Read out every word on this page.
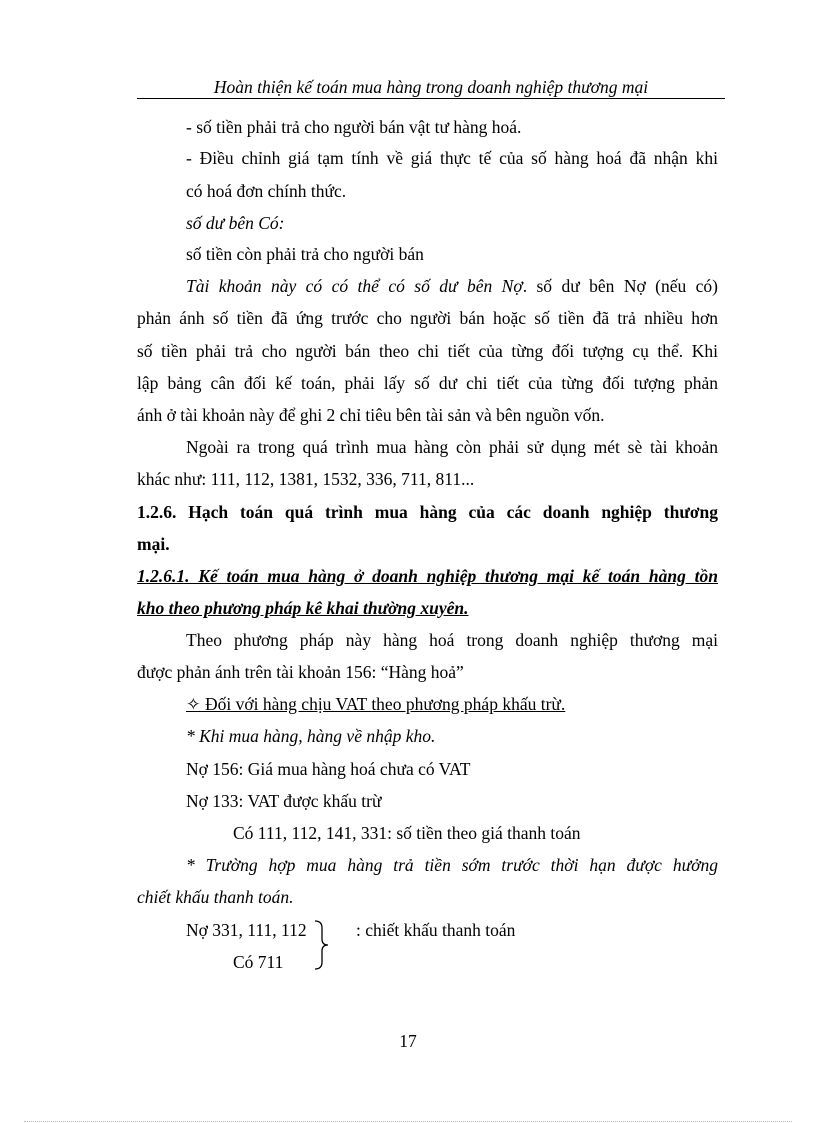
Hoàn thiện kế toán mua hàng trong doanh nghiệp thương mại
- số tiền phải trả cho người bán vật tư hàng hoá.
- Điều chỉnh giá tạm tính về giá thực tế của số hàng hoá đã nhận khi
có hoá đơn chính thức.
số dư bên Có:
số tiền còn phải trả cho người bán
Tài khoản này có có thể có số dư bên Nợ. số dư bên Nợ (nếu có)
phản ánh số tiền đã ứng trước cho người bán hoặc số tiền đã trả nhiều hơn
số tiền phải trả cho người bán theo chi tiết của từng đối tượng cụ thể. Khi
lập bảng cân đối kế toán, phải lấy số dư chi tiết của từng đối tượng phản
ánh ở tài khoản này để ghi 2 chỉ tiêu bên tài sản và bên nguồn vốn.
Ngoài ra trong quá trình mua hàng còn phải sử dụng mét sè tài khoản
khác như: 111, 112, 1381, 1532, 336, 711, 811...
1.2.6. Hạch toán quá trình mua hàng của các doanh nghiệp thương
mại.
1.2.6.1. Kế toán mua hàng ở doanh nghiệp thương mại kế toán hàng tồn
kho theo phương pháp kê khai thường xuyên.
Theo phương pháp này hàng hoá trong doanh nghiệp thương mại
được phản ánh trên tài khoản 156: “Hàng hoả”
✧ Đối với hàng chịu VAT theo phương pháp khấu trừ.
* Khi mua hàng, hàng về nhập kho.
Nợ 156: Giá mua hàng hoá chưa có VAT
Nợ 133: VAT được khấu trừ
Có 111, 112, 141, 331: số tiền theo giá thanh toán
* Trường hợp mua hàng trả tiền sớm trước thời hạn được hưởng
chiết khấu thanh toán.
Nợ 331, 111, 112	: chiết khấu thanh toán
Có 711
17
